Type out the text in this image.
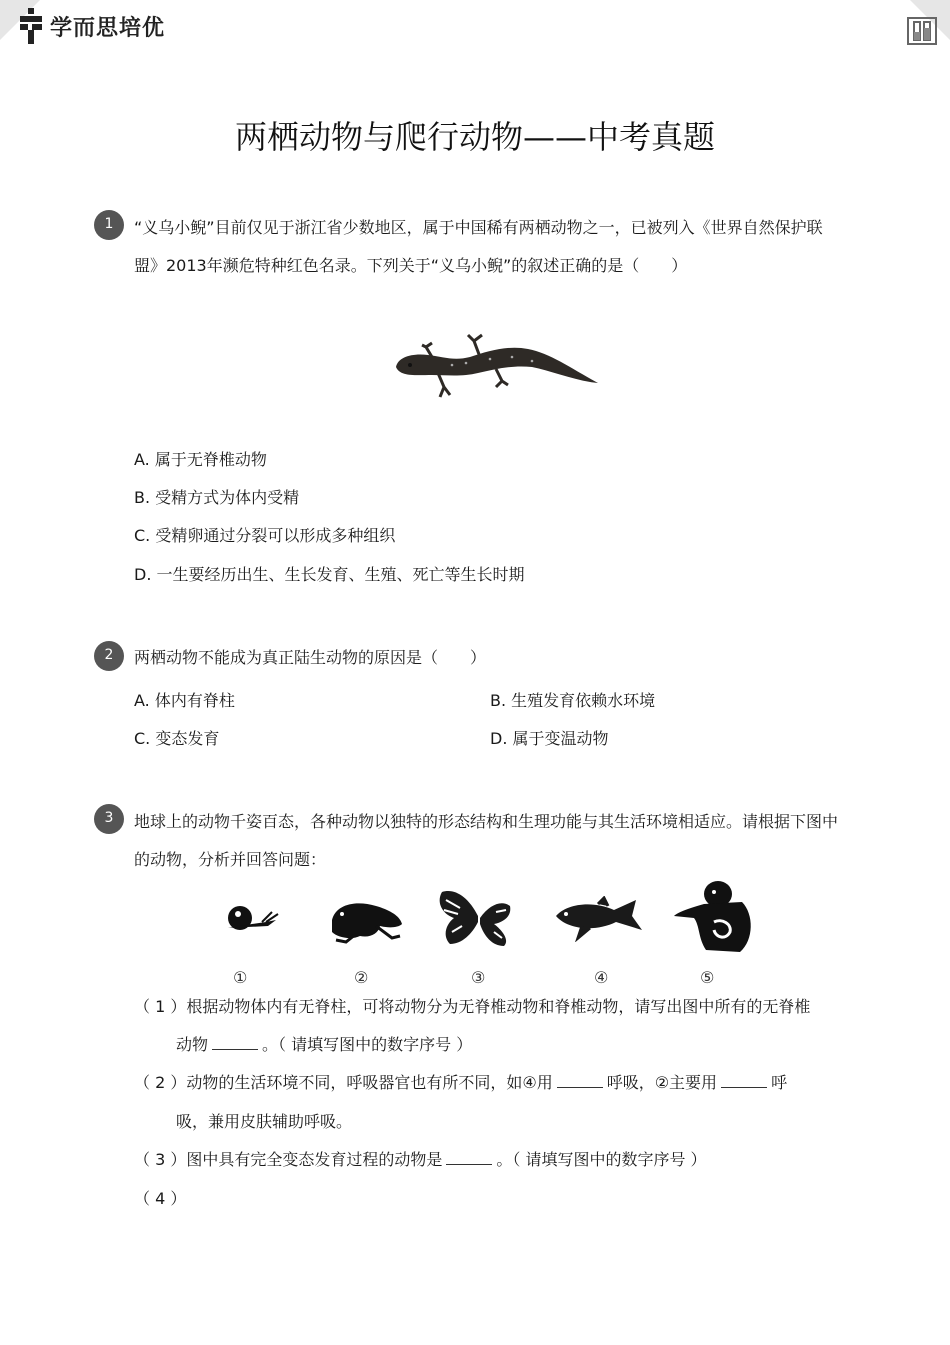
学而思培优
两栖动物与爬行动物——中考真题
1	“义乌小鲵”目前仅见于浙江省少数地区，属于中国稀有两栖动物之一，已被列入《世界自然保护联盟》2013年濒危特种红色名录。下列关于“义乌小鲵”的叙述正确的是（　　）
A. 属于无脊椎动物
B. 受精方式为体内受精
C. 受精卵通过分裂可以形成多种组织
D. 一生要经历出生、生长发育、生殖、死亡等生长时期
2	两栖动物不能成为真正陆生动物的原因是（　　）
A. 体内有脊柱	B. 生殖发育依赖水环境
C. 变态发育	D. 属于变温动物
3	地球上的动物千姿百态，各种动物以独特的形态结构和生理功能与其生活环境相适应。请根据下图中的动物，分析并回答问题：
①	②	③	④	⑤
（ 1 ）根据动物体内有无脊柱，可将动物分为无脊椎动物和脊椎动物，请写出图中所有的无脊椎
动物	。（ 请填写图中的数字序号 ）
（ 2 ）动物的生活环境不同，呼吸器官也有所不同，如④用	呼吸，②主要用	呼
吸，兼用皮肤辅助呼吸。
（ 3 ）图中具有完全变态发育过程的动物是	。（ 请填写图中的数字序号 ）
（ 4 ）
